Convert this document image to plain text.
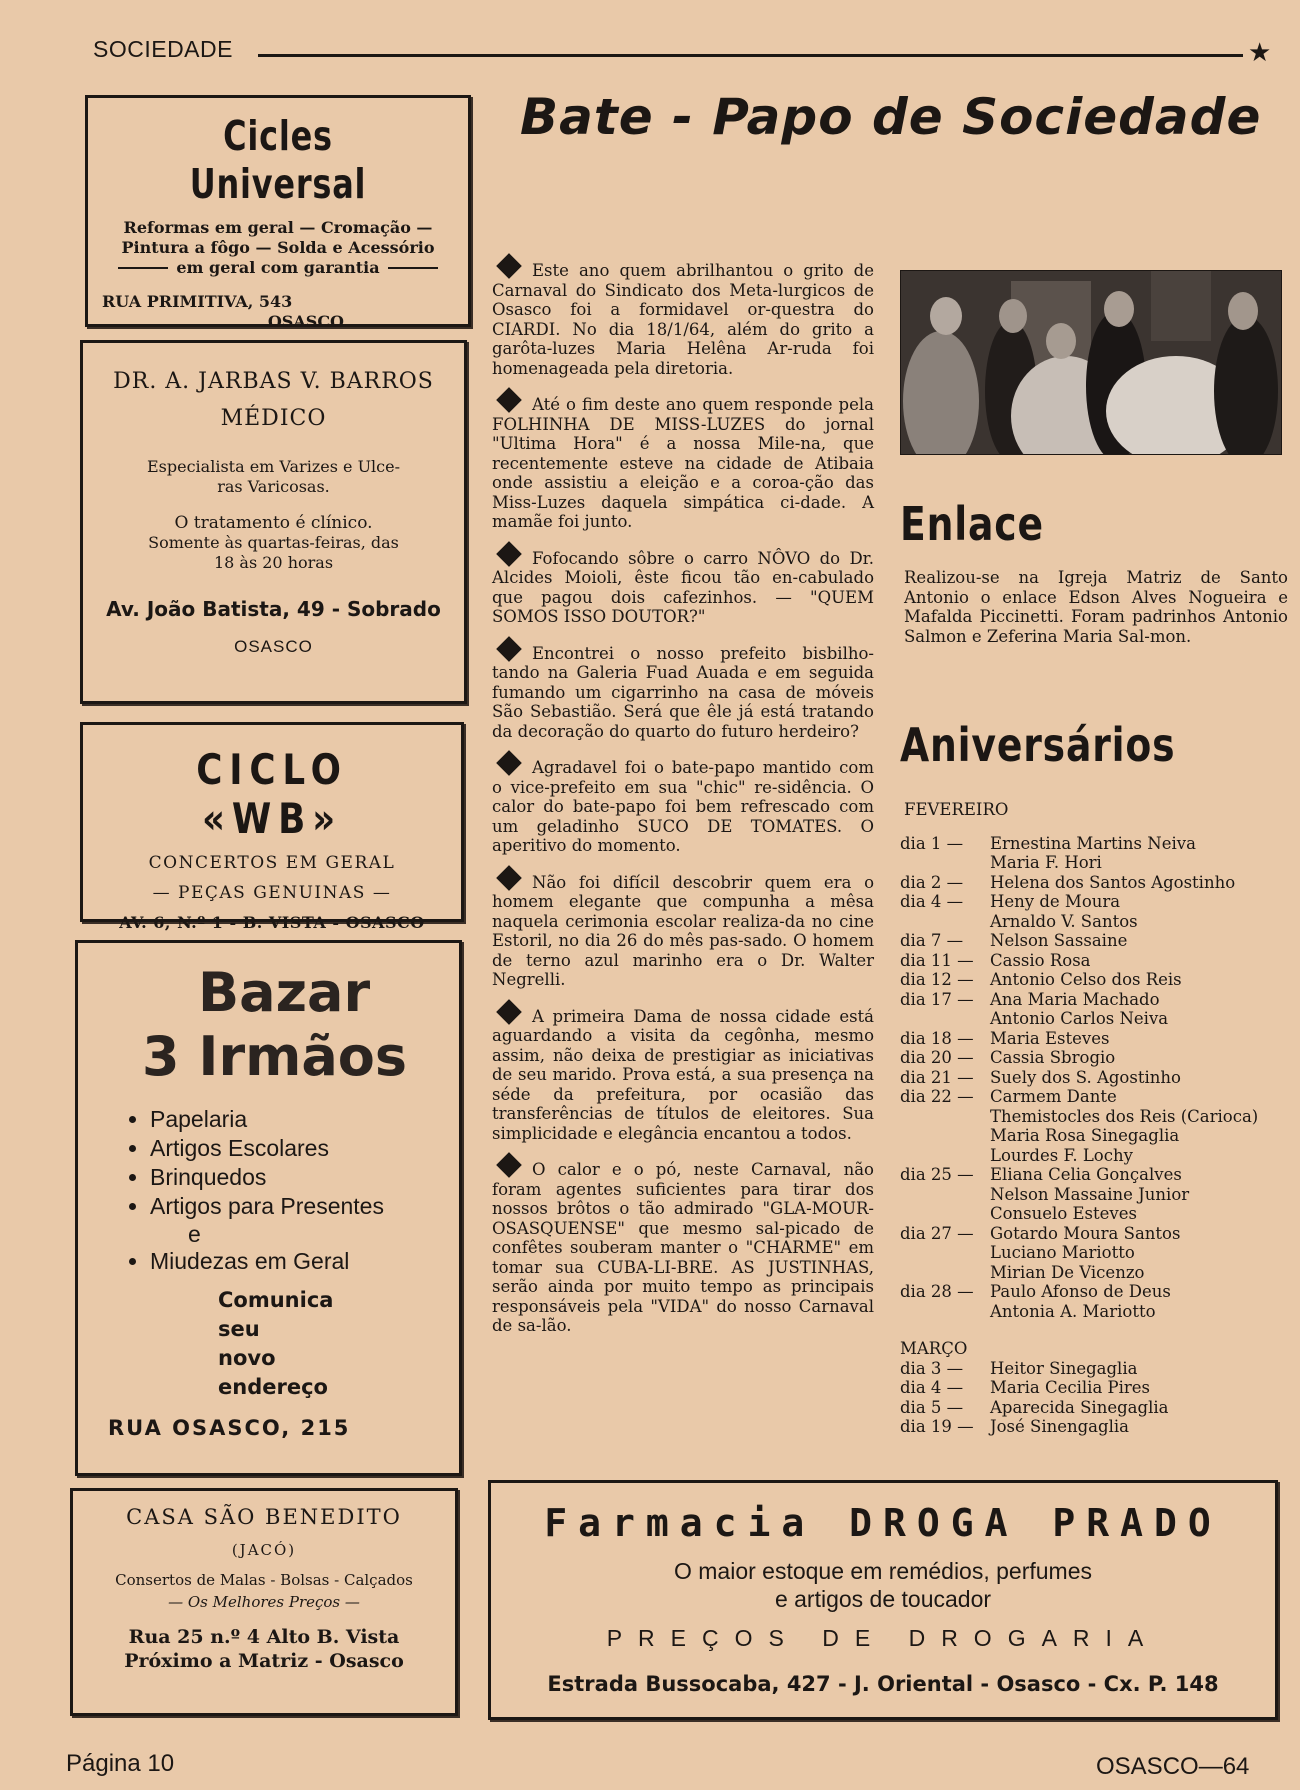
SOCIEDADE	★
Cicles Universal
Reformas em geral — Cromação —
Pintura a fôgo — Solda e Acessório
em geral com garantia
RUA PRIMITIVA, 543
OSASCO
DR. A. JARBAS V. BARROS
MÉDICO
Especialista em Varizes e Ulce-
ras Varicosas.
O tratamento é clínico.
Somente às quartas-feiras, das
18 às 20 horas
Av. João Batista, 49 - Sobrado
OSASCO
CICLO «WB»
CONCERTOS EM GERAL
— PEÇAS GENUINAS —
AV. 6, N.º 1 - B. VISTA - OSASCO
Bazar
3 Irmãos
• Papelaria
• Artigos Escolares
• Brinquedos
• Artigos para Presentes
e
• Miudezas em Geral
Comunica
seu
novo
endereço
RUA OSASCO, 215
CASA SÃO BENEDITO
(JACÓ)
Consertos de Malas - Bolsas - Calçados
— Os Melhores Preços —
Rua 25 n.º 4 Alto B. Vista
Próximo a Matriz - Osasco
Bate - Papo de Sociedade
Este ano quem abrilhantou o grito de Carnaval do Sindicato dos Meta-lurgicos de Osasco foi a formidavel or-questra do CIARDI. No dia 18/1/64, além do grito a garôta-luzes Maria Helêna Ar-ruda foi homenageada pela diretoria.
Até o fim deste ano quem responde pela FOLHINHA DE MISS-LUZES do jornal "Ultima Hora" é a nossa Mile-na, que recentemente esteve na cidade de Atibaia onde assistiu a eleição e a coroa-ção das Miss-Luzes daquela simpática ci-dade. A mamãe foi junto.
Fofocando sôbre o carro NÔVO do Dr. Alcides Moioli, êste ficou tão en-cabulado que pagou dois cafezinhos. — "QUEM SOMOS ISSO DOUTOR?"
Encontrei o nosso prefeito bisbilho- tando na Galeria Fuad Auada e em seguida fumando um cigarrinho na casa de móveis São Sebastião. Será que êle já está tratando da decoração do quarto do futuro herdeiro?
Agradavel foi o bate-papo mantido com o vice-prefeito em sua "chic" re-sidência. O calor do bate-papo foi bem refrescado com um geladinho SUCO DE TOMATES. O aperitivo do momento.
Não foi difícil descobrir quem era o homem elegante que compunha a mêsa naquela cerimonia escolar realiza-da no cine Estoril, no dia 26 do mês pas-sado. O homem de terno azul marinho era o Dr. Walter Negrelli.
A primeira Dama de nossa cidade está aguardando a visita da cegônha, mesmo assim, não deixa de prestigiar as iniciativas de seu marido. Prova está, a sua presença na séde da prefeitura, por ocasião das transferências de títulos de eleitores. Sua simplicidade e elegância encantou a todos.
O calor e o pó, neste Carnaval, não foram agentes suficientes para tirar dos nossos brôtos o tão admirado "GLA-MOUR-OSASQUENSE" que mesmo sal-picado de confêtes souberam manter o "CHARME" em tomar sua CUBA-LI-BRE. AS JUSTINHAS, serão ainda por muito tempo as principais responsáveis pela "VIDA" do nosso Carnaval de sa-lão.
Enlace
Realizou-se na Igreja Matriz de Santo Antonio o enlace Edson Alves Nogueira e Mafalda Piccinetti. Foram padrinhos Antonio Salmon e Zeferina Maria Sal-mon.
Aniversários
FEVEREIRO
dia 1 —	Ernestina Martins Neiva
Maria F. Hori
dia 2 —	Helena dos Santos Agostinho
dia 4 —	Heny de Moura
Arnaldo V. Santos
dia 7 —	Nelson Sassaine
dia 11 — Cassio Rosa
dia 12 — Antonio Celso dos Reis
dia 17 — Ana Maria Machado
Antonio Carlos Neiva
dia 18 — Maria Esteves
dia 20 — Cassia Sbrogio
dia 21 — Suely dos S. Agostinho
dia 22 — Carmem Dante
Themistocles dos Reis (Carioca)
Maria Rosa Sinegaglia
Lourdes F. Lochy
dia 25 — Eliana Celia Gonçalves
Nelson Massaine Junior
Consuelo Esteves
dia 27 — Gotardo Moura Santos
Luciano Mariotto
Mirian De Vicenzo
dia 28 — Paulo Afonso de Deus
Antonia A. Mariotto
MARÇO
dia 3 —	Heitor Sinegaglia
dia 4 —	Maria Cecilia Pires
dia 5 —	Aparecida Sinegaglia
dia 19 — José Sinengaglia
Farmacia DROGA PRADO
O maior estoque em remédios, perfumes
e artigos de toucador
PREÇOS DE DROGARIA
Estrada Bussocaba, 427 - J. Oriental - Osasco - Cx. P. 148
Página 10	OSASCO—64
